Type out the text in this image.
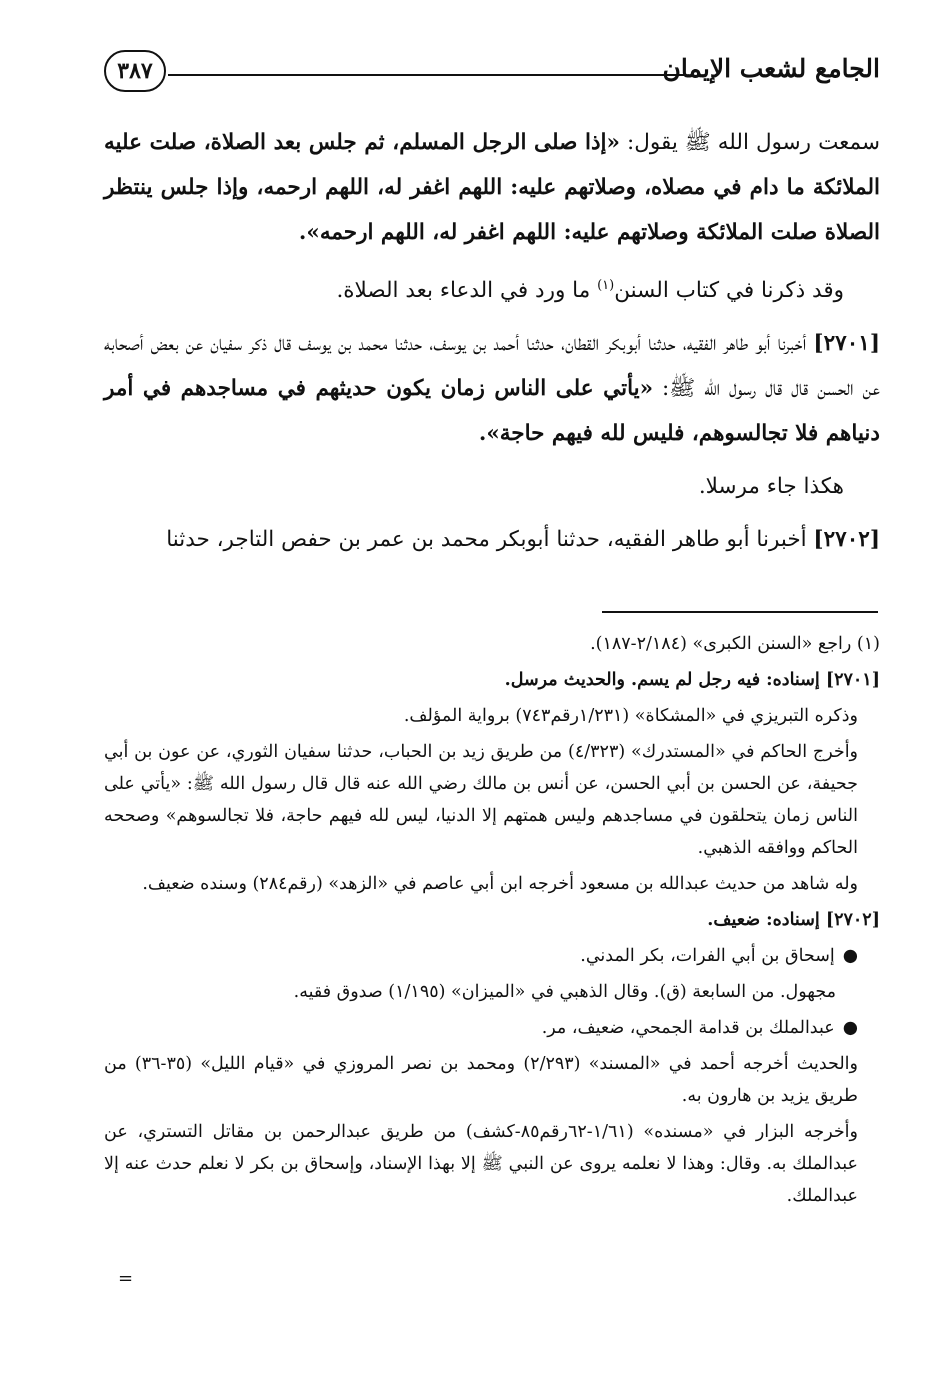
الجامع لشعب الإيمان
٣٨٧

سمعت رسول الله ﷺ يقول: «إذا صلى الرجل المسلم، ثم جلس بعد الصلاة، صلت عليه الملائكة ما دام في مصلاه، وصلاتهم عليه: اللهم اغفر له، اللهم ارحمه، وإذا جلس ينتظر الصلاة صلت الملائكة وصلاتهم عليه: اللهم اغفر له، اللهم ارحمه».

وقد ذكرنا في كتاب السنن$^{(١)}$ ما ورد في الدعاء بعد الصلاة.

[٢٧٠١] أخبرنا أبو طاهر الفقيه، حدثنا أبوبكر القطان، حدثنا أحمد بن يوسف، حدثنا محمد بن يوسف قال ذكر سفيان عن بعض أصحابه عن الحسن قال قال رسول الله ﷺ: «يأتي على الناس زمان يكون حديثهم في مساجدهم في أمر دنياهم فلا تجالسوهم، فليس لله فيهم حاجة».

هكذا جاء مرسلا.

[٢٧٠٢] أخبرنا أبو طاهر الفقيه، حدثنا أبوبكر محمد بن عمر بن حفص التاجر، حدثنا

(١) راجع «السنن الكبرى» (٢/١٨٤-١٨٧).

[٢٧٠١] إسناده: فيه رجل لم يسم. والحديث مرسل.

وذكره التبريزي في «المشكاة» (١/٢٣١رقم٧٤٣) برواية المؤلف.

وأخرج الحاكم في «المستدرك» (٤/٣٢٣) من طريق زيد بن الحباب، حدثنا سفيان الثوري، عن عون بن أبي جحيفة، عن الحسن بن أبي الحسن، عن أنس بن مالك رضي الله عنه قال قال رسول الله ﷺ: «يأتي على الناس زمان يتحلقون في مساجدهم وليس همتهم إلا الدنيا، ليس لله فيهم حاجة، فلا تجالسوهم» وصححه الحاكم ووافقه الذهبي.

وله شاهد من حديث عبدالله بن مسعود أخرجه ابن أبي عاصم في «الزهد» (رقم٢٨٤) وسنده ضعيف.

[٢٧٠٢] إسناده: ضعيف.

●إسحاق بن أبي الفرات، بكر المدني.

مجهول. من السابعة (ق). وقال الذهبي في «الميزان» (١/١٩٥) صدوق فقيه.

●عبدالملك بن قدامة الجمحي، ضعيف، مر.

والحديث أخرجه أحمد في «المسند» (٢/٢٩٣) ومحمد بن نصر المروزي في «قيام الليل» (٣٥-٣٦) من طريق يزيد بن هارون به.

وأخرجه البزار في «مسنده» (١/٦١-٦٢رقم٨٥-كشف) من طريق عبدالرحمن بن مقاتل التستري، عن عبدالملك به. وقال: وهذا لا نعلمه يروى عن النبي ﷺ إلا بهذا الإسناد، وإسحاق بن بكر لا نعلم حدث عنه إلا عبدالملك.

=
